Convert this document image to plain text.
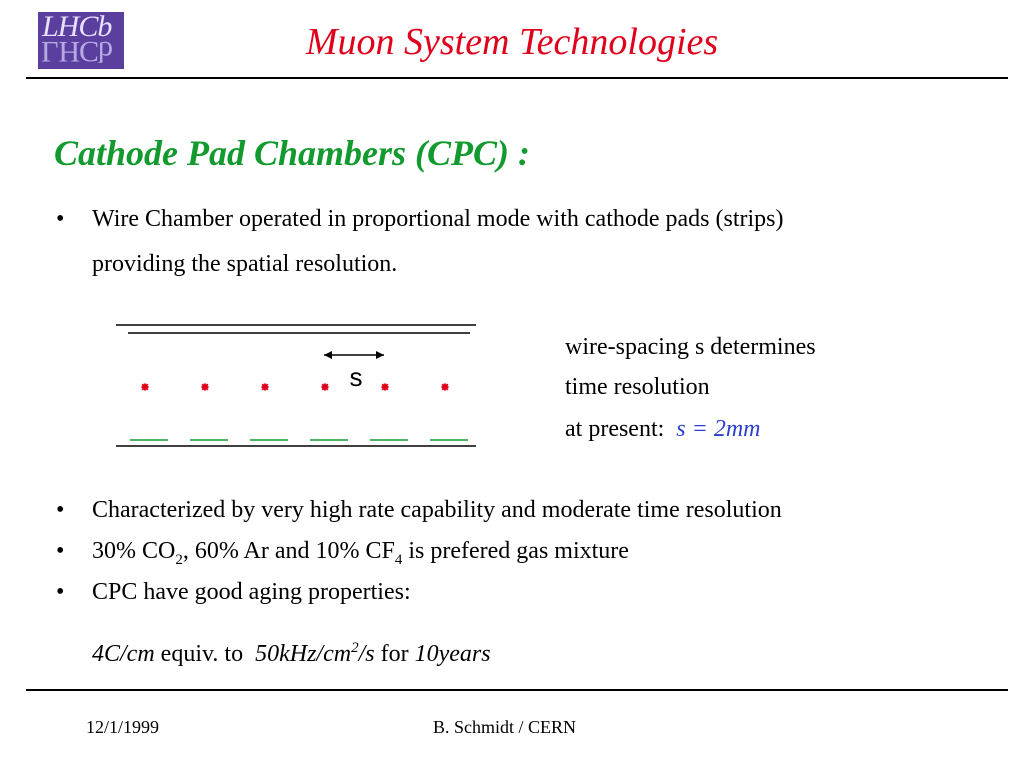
LHCb
LHCb	Muon System Technologies
Cathode Pad Chambers (CPC) :
• Wire Chamber operated in proportional mode with cathode pads (strips)
providing the spatial resolution.
s
wire-spacing s determines
time resolution
at present: s = 2mm
• Characterized by very high rate capability and moderate time resolution
• 30% $CO_2$, 60% Ar and 10% $CF_4$ is prefered gas mixture
• CPC have good aging properties:
4C/cm equiv. to  $50kHz/cm^2/s$ for 10years
12/1/1999	B. Schmidt / CERN
